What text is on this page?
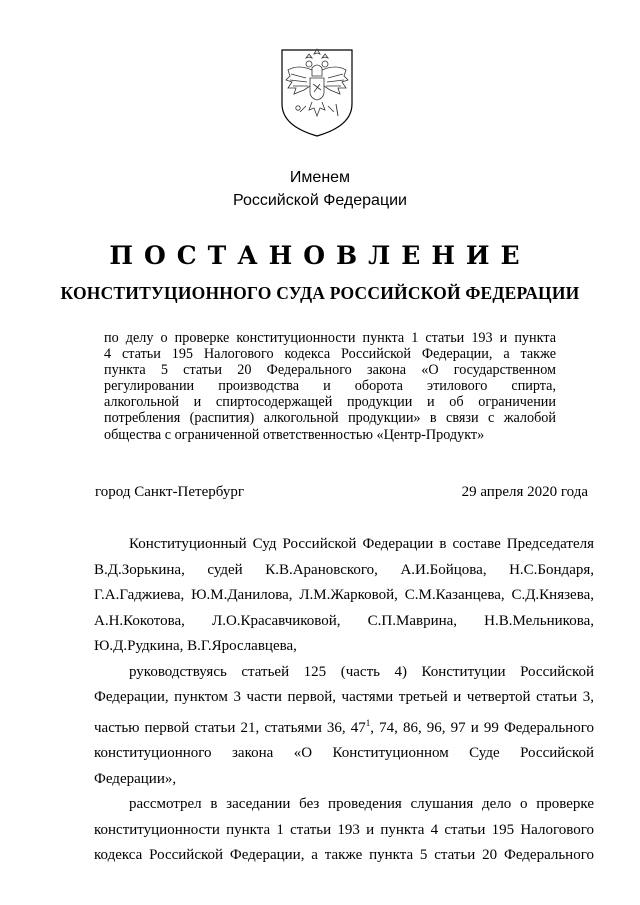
Именем
Российской Федерации
ПОСТАНОВЛЕНИЕ
КОНСТИТУЦИОННОГО СУДА РОССИЙСКОЙ ФЕДЕРАЦИИ

по делу о проверке конституционности пункта 1 статьи 193 и пункта

4 статьи 195 Налогового кодекса Российской Федерации, а также

пункта 5 статьи 20 Федерального закона «О государственном

регулировании производства и оборота этилового спирта,

алкогольной и спиртосодержащей продукции и об ограничении

потребления (распития) алкогольной продукции» в связи с жалобой

общества с ограниченной ответственностью «Центр-Продукт»

город Санкт-Петербург	29 апреля 2020 года

Конституционный Суд Российской Федерации в составе Председателя

В.Д.Зорькина, судей К.В.Арановского, А.И.Бойцова, Н.С.Бондаря,

Г.А.Гаджиева, Ю.М.Данилова, Л.М.Жарковой, С.М.Казанцева, С.Д.Князева,

А.Н.Кокотова, Л.О.Красавчиковой, С.П.Маврина, Н.В.Мельникова,

Ю.Д.Рудкина, В.Г.Ярославцева,

руководствуясь статьей 125 (часть 4) Конституции Российской

Федерации, пунктом 3 части первой, частями третьей и четвертой статьи 3,

частью первой статьи 21, статьями 36, $47^1$, 74, 86, 96, 97 и 99 Федерального

конституционного закона «О Конституционном Суде Российской

Федерации»,

рассмотрел в заседании без проведения слушания дело о проверке

конституционности пункта 1 статьи 193 и пункта 4 статьи 195 Налогового

кодекса Российской Федерации, а также пункта 5 статьи 20 Федерального
